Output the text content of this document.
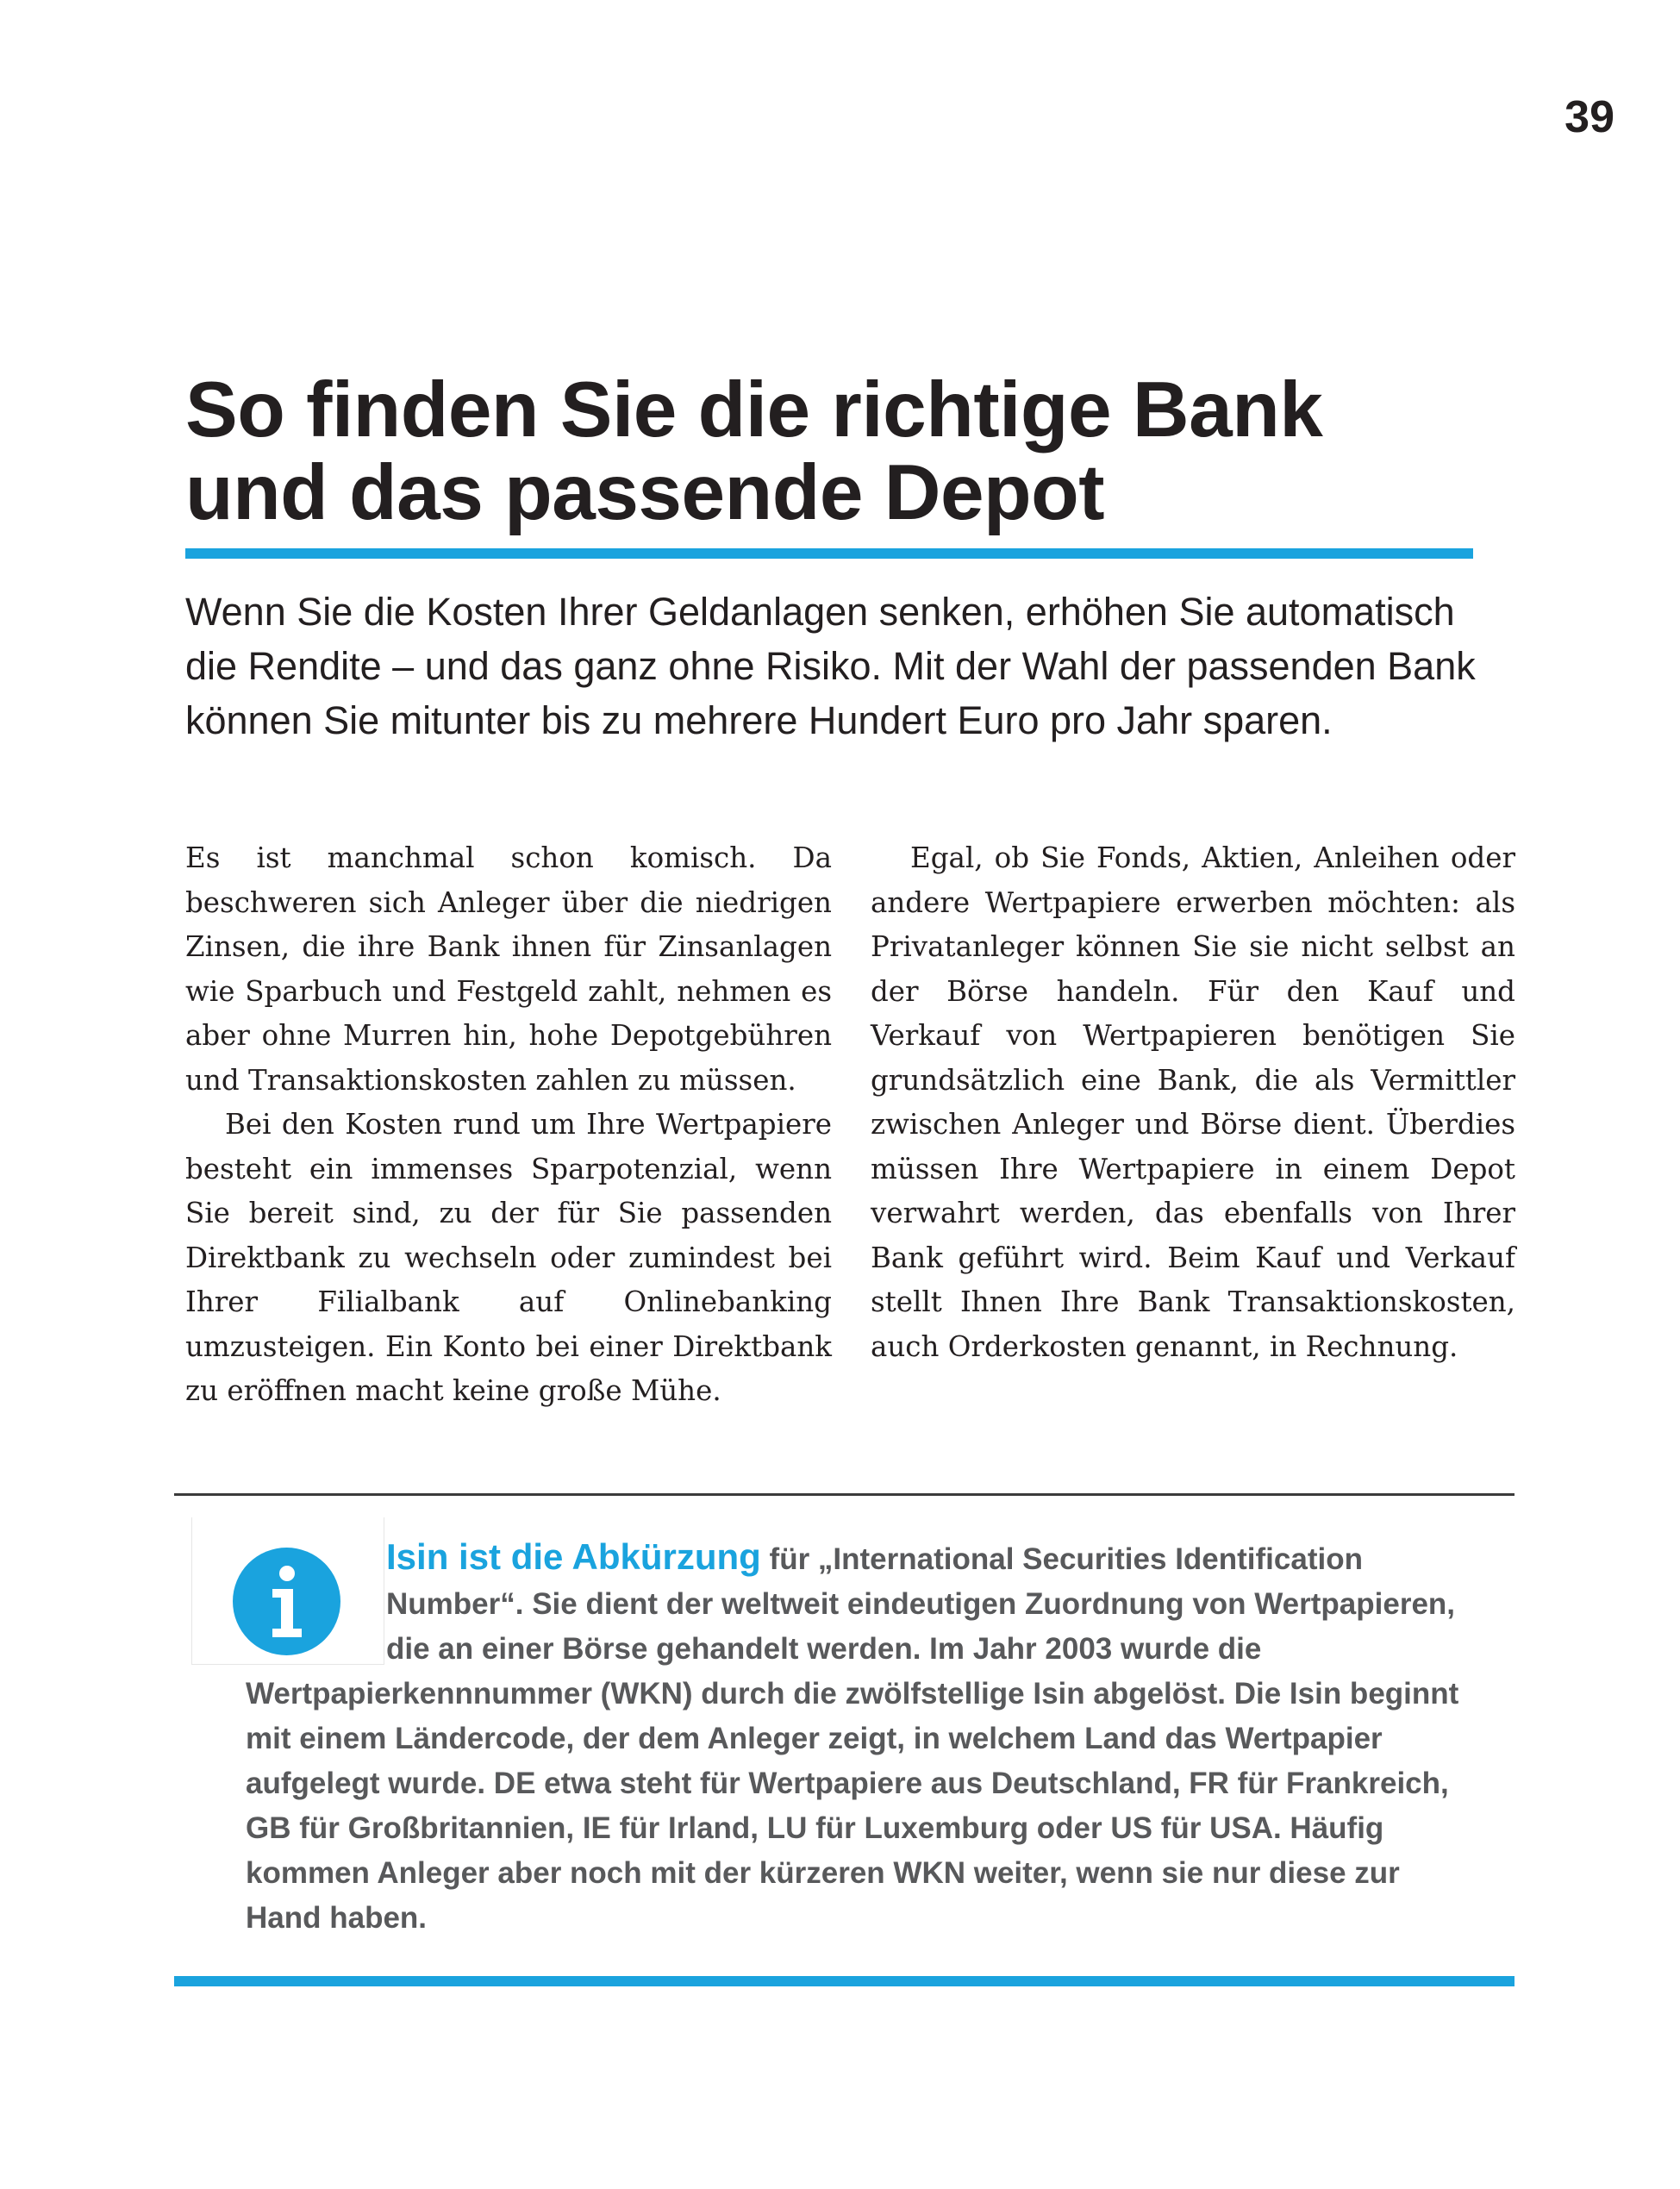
39
So finden Sie die richtige Bank
und das passende Depot

Wenn Sie die Kosten Ihrer Geldanlagen senken, erhöhen Sie automatisch die Rendite – und das ganz ohne Risiko. Mit der Wahl der passenden Bank können Sie mitunter bis zu mehrere Hundert Euro pro Jahr sparen.

Es ist manchmal schon komisch. Da beschweren sich Anleger über die niedrigen Zinsen, die ihre Bank ihnen für Zinsanlagen wie Sparbuch und Festgeld zahlt, nehmen es aber ohne Murren hin, hohe Depotgebühren und Transaktionskosten zahlen zu müssen.

Bei den Kosten rund um Ihre Wertpapiere besteht ein immenses Sparpotenzial, wenn Sie bereit sind, zu der für Sie passenden Direktbank zu wechseln oder zumindest bei Ihrer Filialbank auf Onlinebanking umzusteigen. Ein Konto bei einer Direktbank zu eröffnen macht keine große Mühe.

Egal, ob Sie Fonds, Aktien, Anleihen oder andere Wertpapiere erwerben möchten: als Privatanleger können Sie sie nicht selbst an der Börse handeln. Für den Kauf und Verkauf von Wertpapieren benötigen Sie grundsätzlich eine Bank, die als Vermittler zwischen Anleger und Börse dient. Überdies müssen Ihre Wertpapiere in einem Depot verwahrt werden, das ebenfalls von Ihrer Bank geführt wird. Beim Kauf und Verkauf stellt Ihnen Ihre Bank Transaktionskosten, auch Orderkosten genannt, in Rechnung.

Isin ist die Abkürzung für „International Securities Identification Number“. Sie dient der weltweit eindeutigen Zuordnung von Wertpapieren, die an einer Börse gehandelt werden. Im Jahr 2003 wurde die Wertpapierkennnummer (WKN) durch die zwölfstellige Isin abgelöst. Die Isin beginnt mit einem Ländercode, der dem Anleger zeigt, in welchem Land das Wertpapier aufgelegt wurde. DE etwa steht für Wertpapiere aus Deutschland, FR für Frankreich, GB für Großbritannien, IE für Irland, LU für Luxemburg oder US für USA. Häufig kommen Anleger aber noch mit der kürzeren WKN weiter, wenn sie nur diese zur Hand haben.
